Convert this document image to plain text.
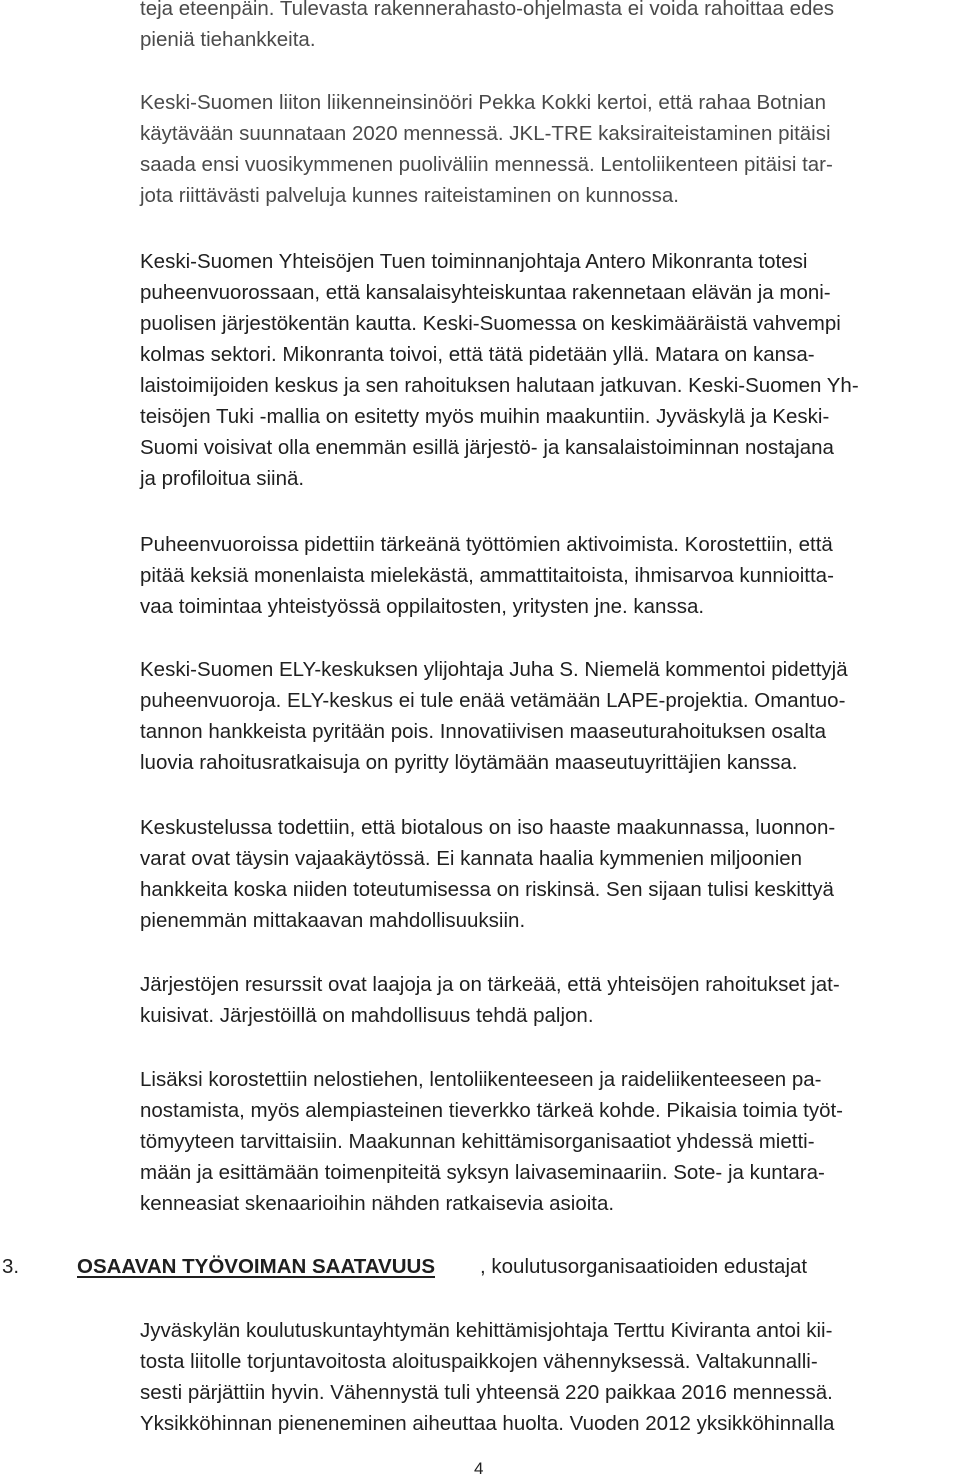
teja eteenpäin. Tulevasta rakennerahasto-ohjelmasta ei voida rahoittaa edes
pieniä tiehankkeita.
Keski-Suomen liiton liikenneinsinööri Pekka Kokki kertoi, että rahaa Botnian
käytävään suunnataan 2020 mennessä. JKL-TRE kaksiraiteistaminen pitäisi
saada ensi vuosikymmenen puoliväliin mennessä. Lentoliikenteen pitäisi tar-
jota riittävästi palveluja kunnes raiteistaminen on kunnossa.
Keski-Suomen Yhteisöjen Tuen toiminnanjohtaja Antero Mikonranta totesi
puheenvuorossaan, että kansalaisyhteiskuntaa rakennetaan elävän ja moni-
puolisen järjestökentän kautta. Keski-Suomessa on keskimääräistä vahvempi
kolmas sektori. Mikonranta toivoi, että tätä pidetään yllä. Matara on kansa-
laistoimijoiden keskus ja sen rahoituksen halutaan jatkuvan. Keski-Suomen Yh-
teisöjen Tuki -mallia on esitetty myös muihin maakuntiin. Jyväskylä ja Keski-
Suomi voisivat olla enemmän esillä järjestö- ja kansalaistoiminnan nostajana
ja profiloitua siinä.
Puheenvuoroissa pidettiin tärkeänä työttömien aktivoimista. Korostettiin, että
pitää keksiä monenlaista mielekästä, ammattitaitoista, ihmisarvoa kunnioitta-
vaa toimintaa yhteistyössä oppilaitosten, yritysten jne. kanssa.
Keski-Suomen ELY-keskuksen ylijohtaja Juha S. Niemelä kommentoi pidettyjä
puheenvuoroja. ELY-keskus ei tule enää vetämään LAPE-projektia. Omantuo-
tannon hankkeista pyritään pois. Innovatiivisen maaseuturahoituksen osalta
luovia rahoitusratkaisuja on pyritty löytämään maaseutuyrittäjien kanssa.
Keskustelussa todettiin, että biotalous on iso haaste maakunnassa, luonnon-
varat ovat täysin vajaakäytössä. Ei kannata haalia kymmenien miljoonien
hankkeita koska niiden toteutumisessa on riskinsä. Sen sijaan tulisi keskittyä
pienemmän mittakaavan mahdollisuuksiin.
Järjestöjen resurssit ovat laajoja ja on tärkeää, että yhteisöjen rahoitukset jat-
kuisivat. Järjestöillä on mahdollisuus tehdä paljon.
Lisäksi korostettiin nelostiehen, lentoliikenteeseen ja raideliikenteeseen pa-
nostamista, myös alempiasteinen tieverkko tärkeä kohde. Pikaisia toimia työt-
tömyyteen tarvittaisiin. Maakunnan kehittämisorganisaatiot yhdessä mietti-
mään ja esittämään toimenpiteitä syksyn laivaseminaariin. Sote- ja kuntara-
kenneasiat skenaarioihin nähden ratkaisevia asioita.
3.	OSAAVAN TYÖVOIMAN SAATAVUUS , koulutusorganisaatioiden edustajat
Jyväskylän koulutuskuntayhtymän kehittämisjohtaja Terttu Kiviranta antoi kii-
tosta liitolle torjuntavoitosta aloituspaikkojen vähennyksessä. Valtakunnalli-
sesti pärjättiin hyvin. Vähennystä tuli yhteensä 220 paikkaa 2016 mennessä.
Yksikköhinnan pieneneminen aiheuttaa huolta. Vuoden 2012 yksikköhinnalla
4
